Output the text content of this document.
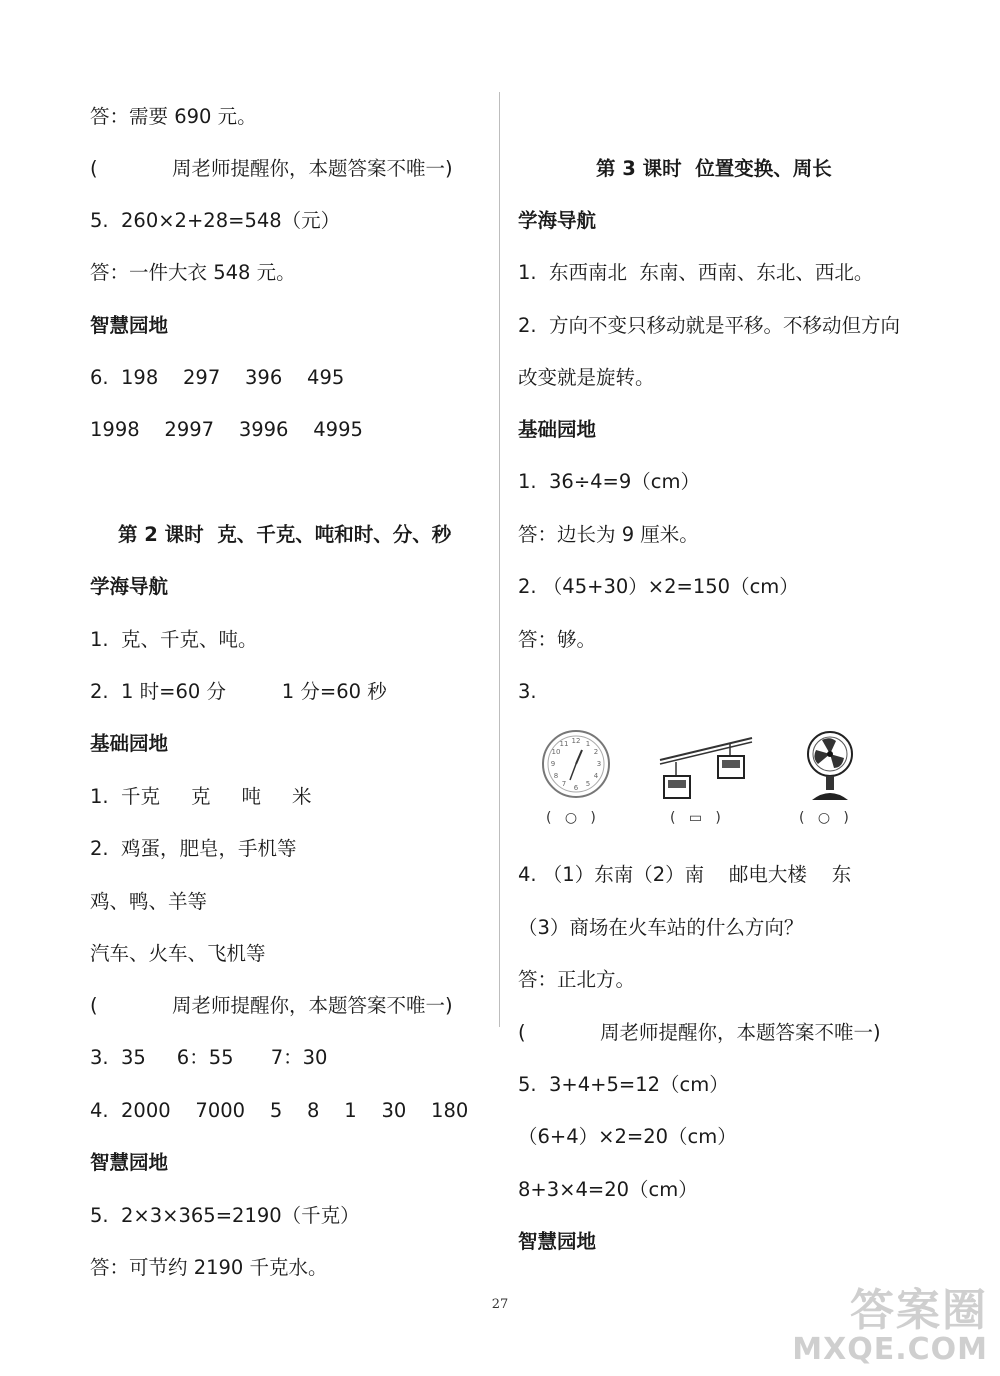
答：需要 690 元。
(            周老师提醒你，本题答案不唯一)
5.  260×2+28=548（元）
答：一件大衣 548 元。
智慧园地
6.  198    297    396    495
1998    2997    3996    4995
第 2 课时  克、千克、吨和时、分、秒
学海导航
1.  克、千克、吨。
2.  1 时=60 分         1 分=60 秒
基础园地
1.  千克     克     吨     米
2.  鸡蛋，肥皂，手机等
鸡、鸭、羊等
汽车、火车、飞机等
(            周老师提醒你，本题答案不唯一)
3.  35     6：55      7：30
4.  2000    7000    5    8    1    30    180
智慧园地
5.  2×3×365=2190（千克）
答：可节约 2190 千克水。
第 3 课时  位置变换、周长
学海导航
1.  东西南北  东南、西南、东北、西北。
2.  方向不变只移动就是平移。不移动但方向
改变就是旋转。
基础园地
1.  36÷4=9（cm）
答：边长为 9 厘米。
2. （45+30）×2=150（cm）
答：够。
3.
4. （1）东南（2）南    邮电大楼    东
（3）商场在火车站的什么方向？
答：正北方。
(            周老师提醒你，本题答案不唯一)
5.  3+4+5=12（cm）
（6+4）×2=20（cm）
8+3×4=20（cm）
智慧园地
12 1
2
3
4
5
6
7
8
9
10
11
(   ○   )	(   ▭   )	(   ○   )
27	答案圈
MXQE.COM
